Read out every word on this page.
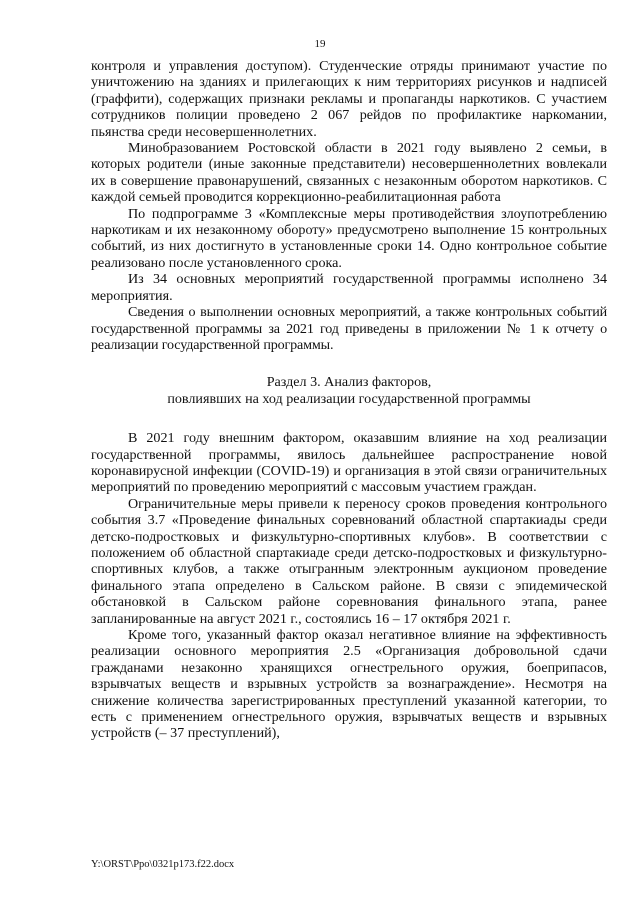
19

контроля и управления доступом). Студенческие отряды принимают участие по уничтожению на зданиях и прилегающих к ним территориях рисунков и надписей (граффити), содержащих признаки рекламы и пропаганды наркотиков. С участием сотрудников полиции проведено 2 067 рейдов по профилактике наркомании, пьянства среди несовершеннолетних.

Минобразованием Ростовской области в 2021 году выявлено 2 семьи, в которых родители (иные законные представители) несовершеннолетних вовлекали их в совершение правонарушений, связанных с незаконным оборотом наркотиков. С каждой семьей проводится коррекционно-реабилитационная работа

По подпрограмме 3 «Комплексные меры противодействия злоупотреблению наркотикам и их незаконному обороту» предусмотрено выполнение 15 контрольных событий, из них достигнуто в установленные сроки 14. Одно контрольное событие реализовано после установленного срока.

Из 34 основных мероприятий государственной программы исполнено 34 мероприятия.

Сведения о выполнении основных мероприятий, а также контрольных событий государственной программы за 2021 год приведены в приложении № 1 к отчету о реализации государственной программы.

Раздел 3. Анализ факторов,
повлиявших на ход реализации государственной программы

В 2021 году внешним фактором, оказавшим влияние на ход реализации государственной программы, явилось дальнейшее распространение новой коронавирусной инфекции (COVID-19) и организация в этой связи ограничительных мероприятий по проведению мероприятий с массовым участием граждан.

Ограничительные меры привели к переносу сроков проведения контрольного события 3.7 «Проведение финальных соревнований областной спартакиады среди детско-подростковых и физкультурно-спортивных клубов». В соответствии с положением об областной спартакиаде среди детско-подростковых и физкультурно-спортивных клубов, а также отыгранным электронным аукционом проведение финального этапа определено в Сальском районе. В связи с эпидемической обстановкой в Сальском районе соревнования финального этапа, ранее запланированные на август 2021 г., состоялись 16 – 17 октября 2021 г.

Кроме того, указанный фактор оказал негативное влияние на эффективность реализации основного мероприятия 2.5 «Организация добровольной сдачи гражданами незаконно хранящихся огнестрельного оружия, боеприпасов, взрывчатых веществ и взрывных устройств за вознаграждение». Несмотря на снижение количества зарегистрированных преступлений указанной категории, то есть с применением огнестрельного оружия, взрывчатых веществ и взрывных устройств (– 37 преступлений),

Y:\ORST\Ppo\0321p173.f22.docx
